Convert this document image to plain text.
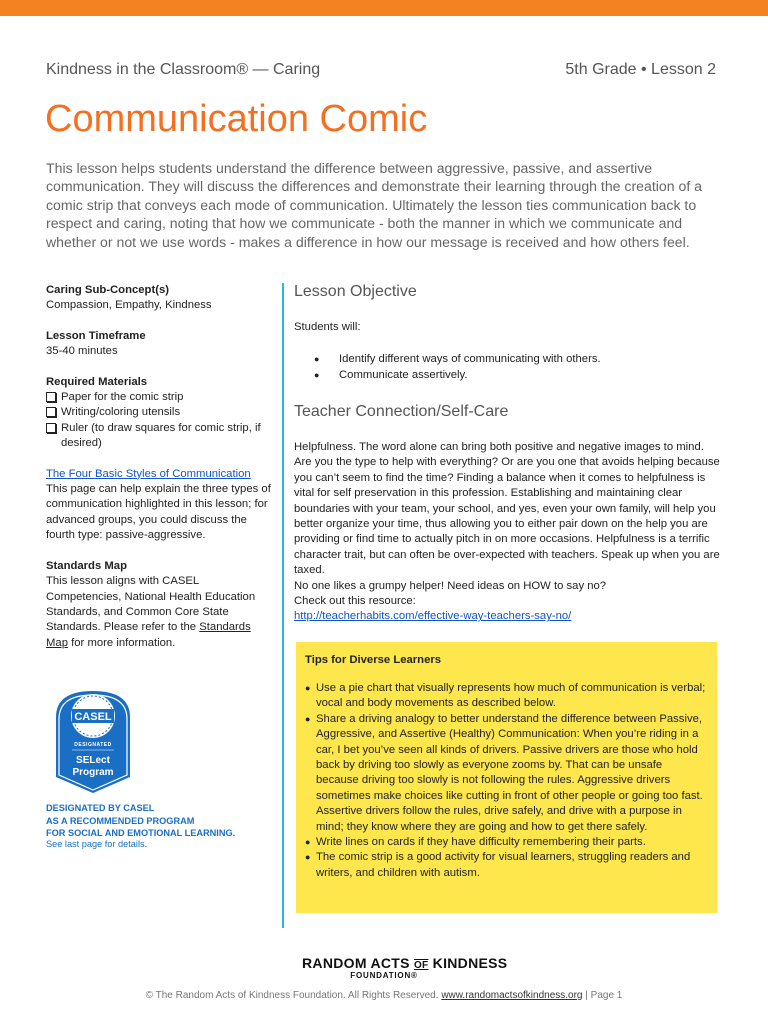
Kindness in the Classroom® — Caring	5th Grade • Lesson 2
Communication Comic

This lesson helps students understand the difference between aggressive, passive, and assertive communication. They will discuss the differences and demonstrate their learning through the creation of a comic strip that conveys each mode of communication. Ultimately the lesson ties communication back to respect and caring, noting that how we communicate - both the manner in which we communicate and whether or not we use words - makes a difference in how our message is received and how others feel.

Caring Sub-Concept(s)
Compassion, Empathy, Kindness
Lesson Timeframe
35-40 minutes
Required Materials
Paper for the comic strip
Writing/coloring utensils
Ruler (to draw squares for comic strip, if desired)
The Four Basic Styles of Communication
This page can help explain the three types of communication highlighted in this lesson; for advanced groups, you could discuss the fourth type: passive-aggressive.
Standards Map
This lesson aligns with CASEL Competencies, National Health Education Standards, and Common Core State Standards. Please refer to the Standards Map for more information.
CASEL
DESIGNATED
SELect
Program
DESIGNATED BY CASEL
AS A RECOMMENDED PROGRAM
FOR SOCIAL AND EMOTIONAL LEARNING.
See last page for details.
Lesson Objective
Students will:
● Identify different ways of communicating with others.
● Communicate assertively.
Teacher Connection/Self-Care
Helpfulness. The word alone can bring both positive and negative images to mind. Are you the type to help with everything? Or are you one that avoids helping because you can’t seem to find the time? Finding a balance when it comes to helpfulness is vital for self preservation in this profession. Establishing and maintaining clear boundaries with your team, your school, and yes, even your own family, will help you better organize your time, thus allowing you to either pair down on the help you are providing or find time to actually pitch in on more occasions. Helpfulness is a terrific character trait, but can often be over-expected with teachers. Speak up when you are taxed.
No one likes a grumpy helper! Need ideas on HOW to say no?
Check out this resource:
http://teacherhabits.com/effective-way-teachers-say-no/
Tips for Diverse Learners
● Use a pie chart that visually represents how much of communication is verbal; vocal and body movements as described below.
● Share a driving analogy to better understand the difference between Passive, Aggressive, and Assertive (Healthy) Communication: When you’re riding in a car, I bet you’ve seen all kinds of drivers. Passive drivers are those who hold back by driving too slowly as everyone zooms by. That can be unsafe because driving too slowly is not following the rules. Aggressive drivers sometimes make choices like cutting in front of other people or going too fast. Assertive drivers follow the rules, drive safely, and drive with a purpose in mind; they know where they are going and how to get there safely.
● Write lines on cards if they have difficulty remembering their parts.
● The comic strip is a good activity for visual learners, struggling readers and writers, and children with autism.
RANDOM ACTS OF KINDNESS
FOUNDATION®
© The Random Acts of Kindness Foundation. All Rights Reserved. www.randomactsofkindness.org | Page 1
